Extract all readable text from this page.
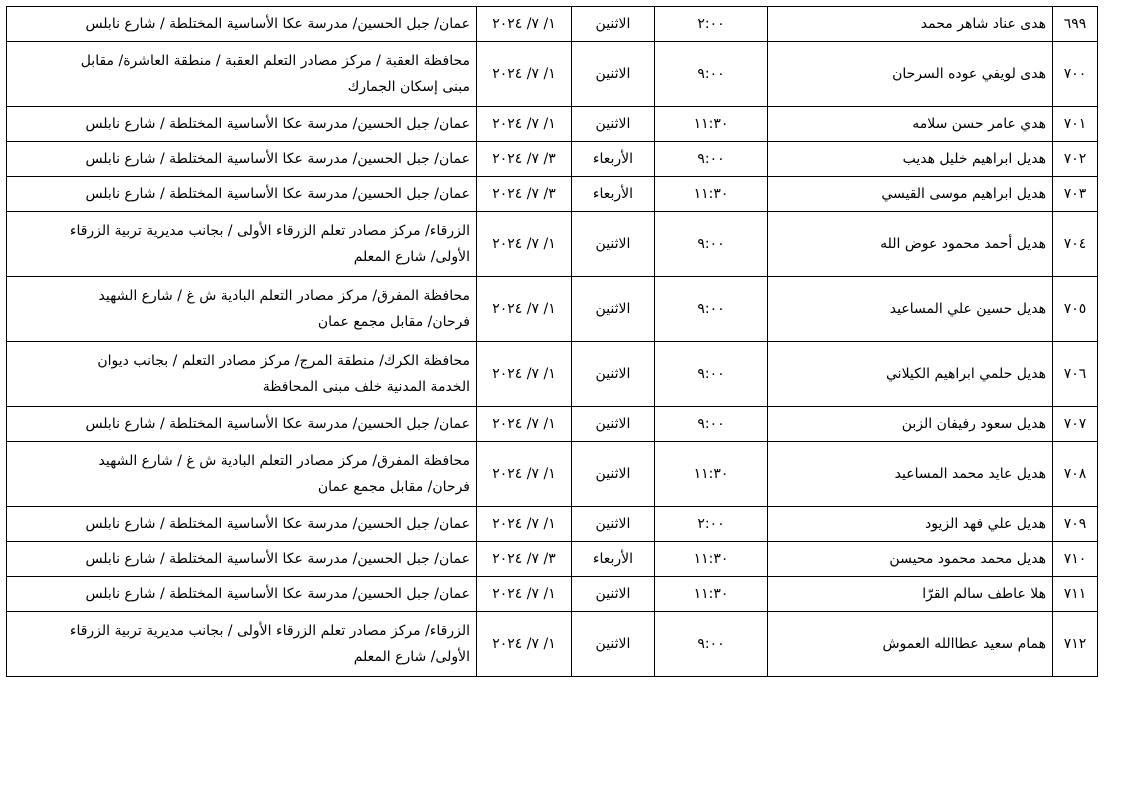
٦٩٩	هدى عناد شاهر محمد	٢:٠٠	الاثنين	١/ ٧/ ٢٠٢٤	عمان/ جبل الحسين/ مدرسة عكا الأساسية المختلطة / شارع نابلس

٧٠٠	هدى لويفي عوده السرحان	٩:٠٠	الاثنين	١/ ٧/ ٢٠٢٤	محافظة العقبة / مركز مصادر التعلم العقبة / منطقة العاشرة/ مقابل
مبنى إسكان الجمارك

٧٠١	هدي عامر حسن سلامه	١١:٣٠	الاثنين	١/ ٧/ ٢٠٢٤	عمان/ جبل الحسين/ مدرسة عكا الأساسية المختلطة / شارع نابلس

٧٠٢	هديل ابراهيم خليل هديب	٩:٠٠	الأربعاء	٣/ ٧/ ٢٠٢٤	عمان/ جبل الحسين/ مدرسة عكا الأساسية المختلطة / شارع نابلس

٧٠٣	هديل ابراهيم موسى القيسي	١١:٣٠	الأربعاء	٣/ ٧/ ٢٠٢٤	عمان/ جبل الحسين/ مدرسة عكا الأساسية المختلطة / شارع نابلس

٧٠٤	هديل أحمد محمود عوض الله	٩:٠٠	الاثنين	١/ ٧/ ٢٠٢٤	الزرقاء/ مركز مصادر تعلم الزرقاء الأولى / بجانب مديرية تربية الزرقاء
الأولى/ شارع المعلم

٧٠٥	هديل حسين علي المساعيد	٩:٠٠	الاثنين	١/ ٧/ ٢٠٢٤	محافظة المفرق/ مركز مصادر التعلم البادية ش غ / شارع الشهيد
فرحان/ مقابل مجمع عمان

٧٠٦	هديل حلمي ابراهيم الكيلاني	٩:٠٠	الاثنين	١/ ٧/ ٢٠٢٤	محافظة الكرك/ منطقة المرج/ مركز مصادر التعلم / بجانب ديوان
الخدمة المدنية خلف مبنى المحافظة

٧٠٧	هديل سعود رفيفان الزبن	٩:٠٠	الاثنين	١/ ٧/ ٢٠٢٤	عمان/ جبل الحسين/ مدرسة عكا الأساسية المختلطة / شارع نابلس

٧٠٨	هديل عايد محمد المساعيد	١١:٣٠	الاثنين	١/ ٧/ ٢٠٢٤	محافظة المفرق/ مركز مصادر التعلم البادية ش غ / شارع الشهيد
فرحان/ مقابل مجمع عمان

٧٠٩	هديل علي فهد الزيود	٢:٠٠	الاثنين	١/ ٧/ ٢٠٢٤	عمان/ جبل الحسين/ مدرسة عكا الأساسية المختلطة / شارع نابلس

٧١٠	هديل محمد محمود محيسن	١١:٣٠	الأربعاء	٣/ ٧/ ٢٠٢٤	عمان/ جبل الحسين/ مدرسة عكا الأساسية المختلطة / شارع نابلس

٧١١	هلا عاطف سالم القرّا	١١:٣٠	الاثنين	١/ ٧/ ٢٠٢٤	عمان/ جبل الحسين/ مدرسة عكا الأساسية المختلطة / شارع نابلس

٧١٢	همام سعيد عطاالله العموش	٩:٠٠	الاثنين	١/ ٧/ ٢٠٢٤	الزرقاء/ مركز مصادر تعلم الزرقاء الأولى / بجانب مديرية تربية الزرقاء
الأولى/ شارع المعلم
